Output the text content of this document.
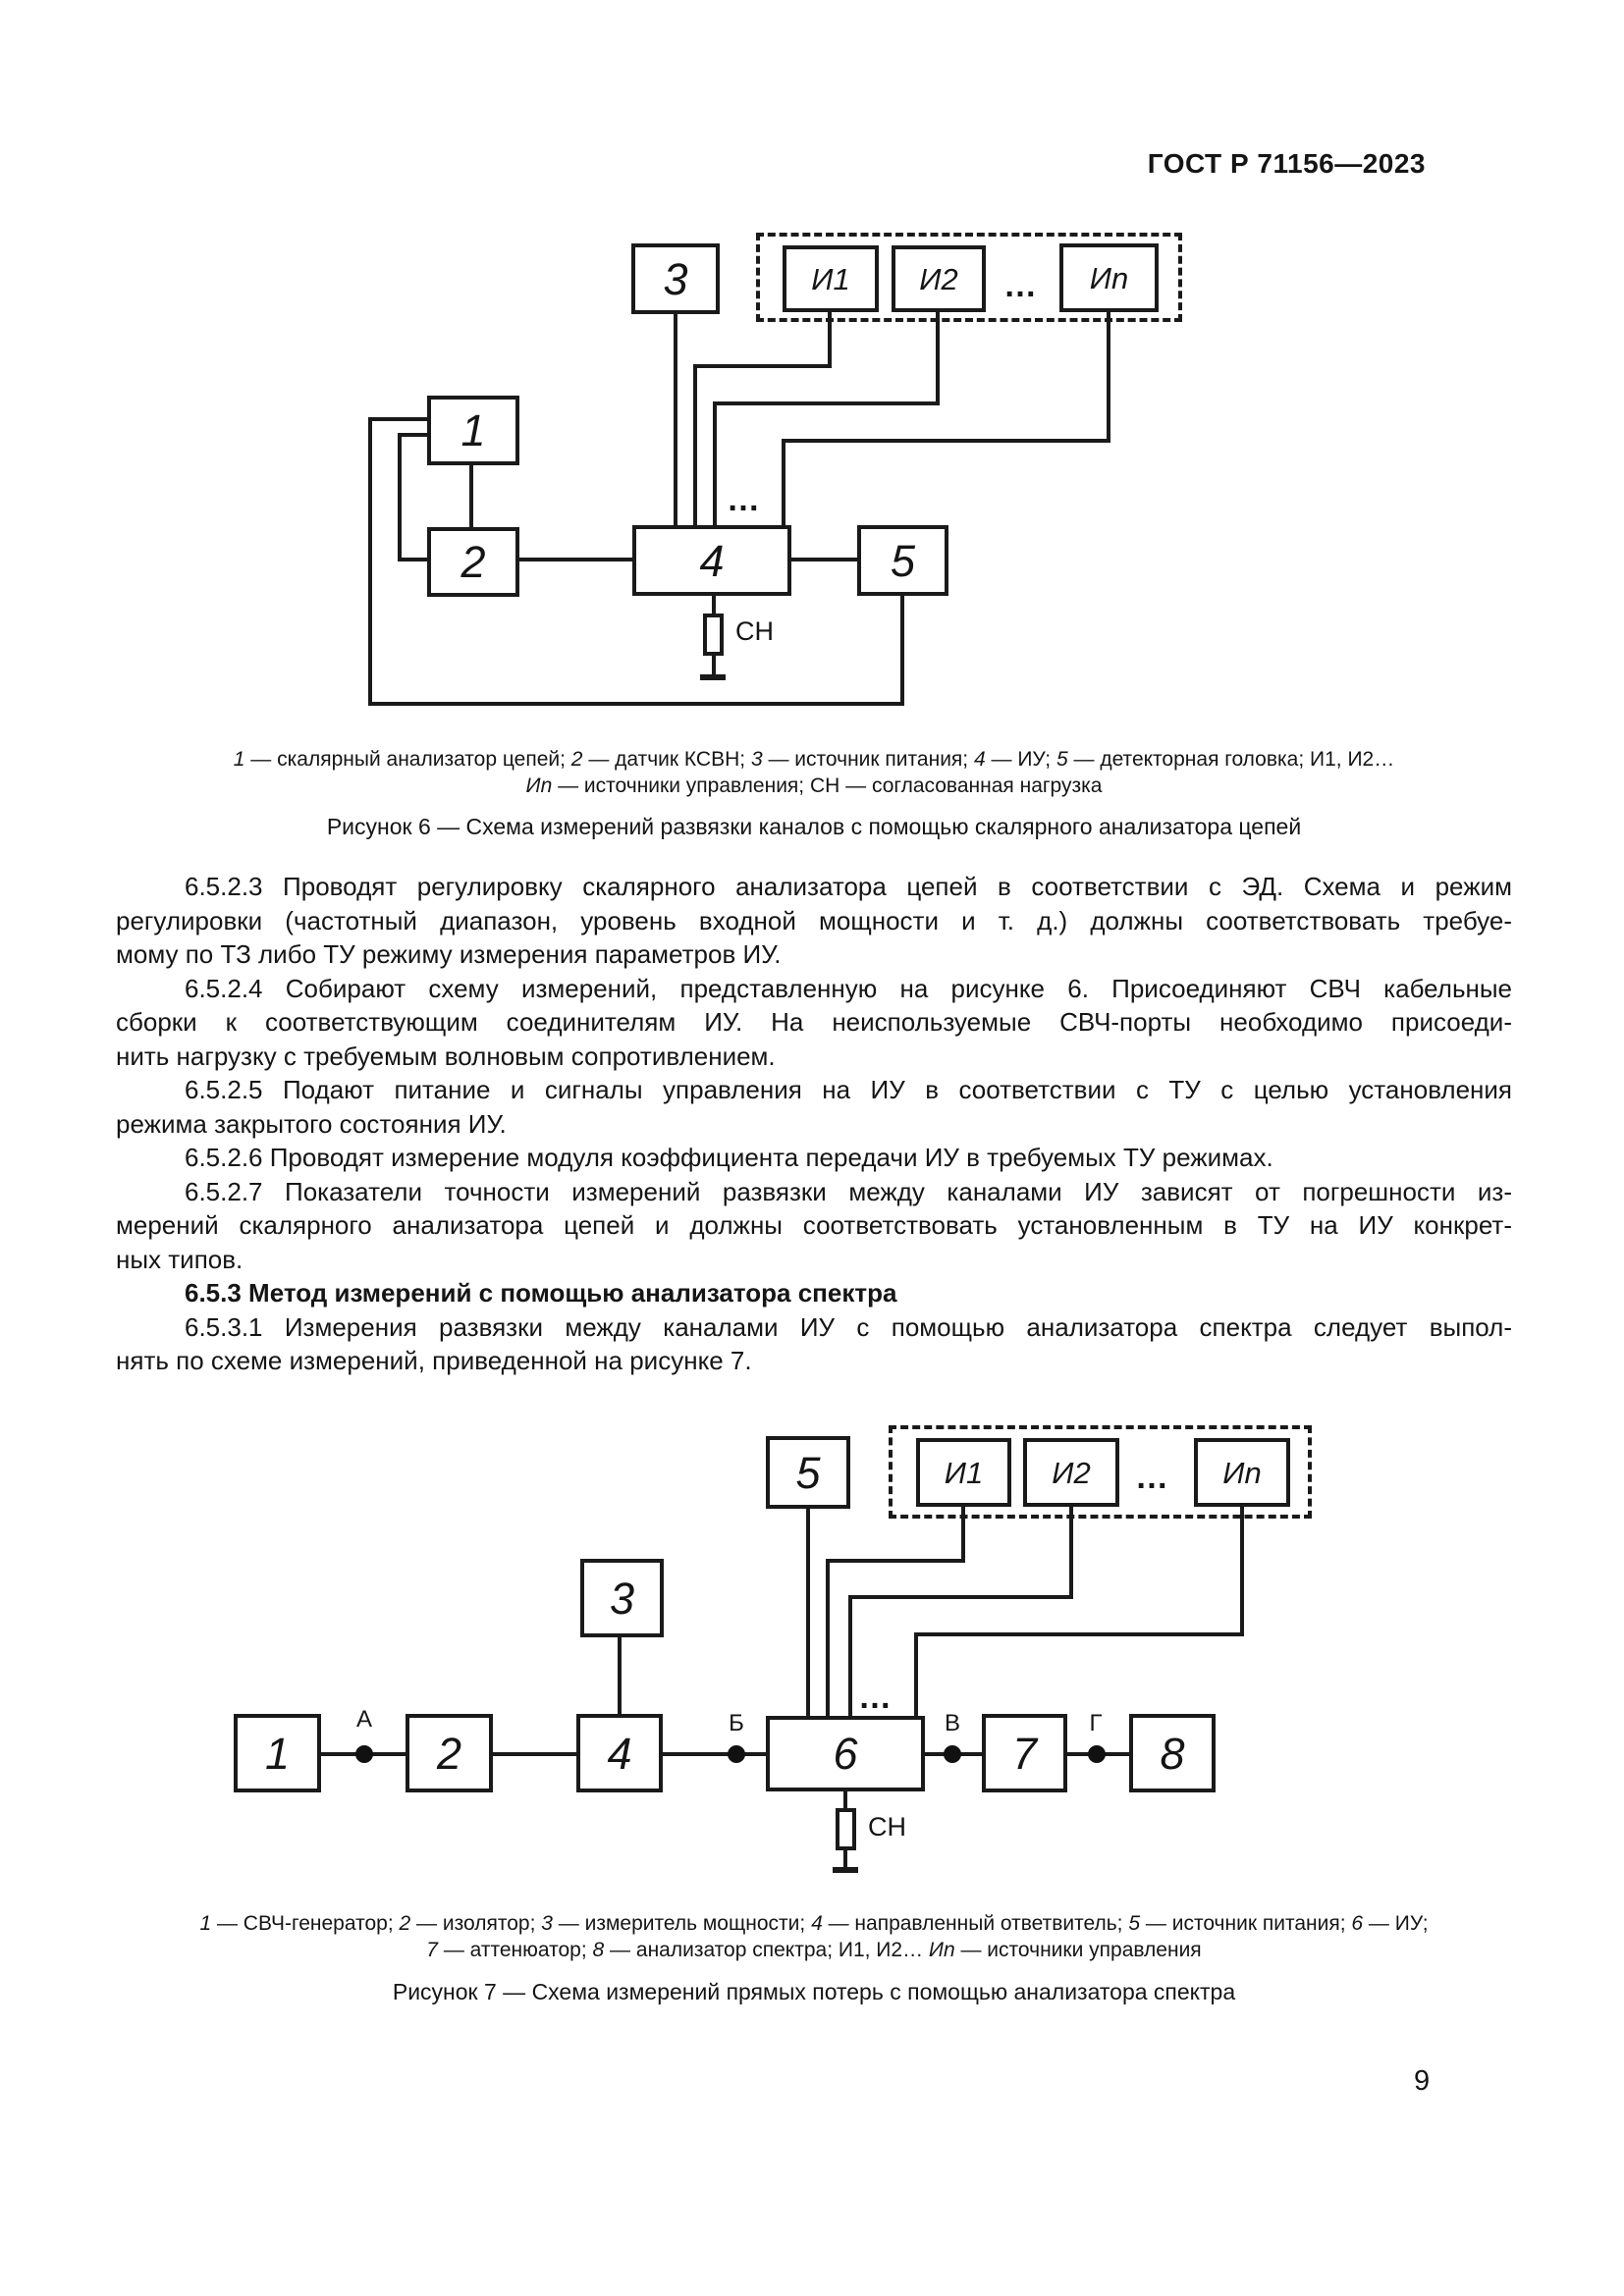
ГОСТ Р 71156—2023
1
2
3
4	5
И1 И2	Иn
…
…
СН
1 — скалярный анализатор цепей; 2 — датчик КСВН; 3 — источник питания; 4 — ИУ; 5 — детекторная головка; И1, И2…
Иn — источники управления; СН — согласованная нагрузка
Рисунок 6 — Схема измерений развязки каналов с помощью скалярного анализатора цепей
6.5.2.3 Проводят регулировку скалярного анализатора цепей в соответствии с ЭД. Схема и режим
регулировки (частотный диапазон, уровень входной мощности и т. д.) должны соответствовать требуе-
мому по ТЗ либо ТУ режиму измерения параметров ИУ.
6.5.2.4 Собирают схему измерений, представленную на рисунке 6. Присоединяют СВЧ кабельные
сборки к соответствующим соединителям ИУ. На неиспользуемые СВЧ-порты необходимо присоеди-
нить нагрузку с требуемым волновым сопротивлением.
6.5.2.5 Подают питание и сигналы управления на ИУ в соответствии с ТУ с целью установления
режима закрытого состояния ИУ.
6.5.2.6 Проводят измерение модуля коэффициента передачи ИУ в требуемых ТУ режимах.
6.5.2.7 Показатели точности измерений развязки между каналами ИУ зависят от погрешности из-
мерений скалярного анализатора цепей и должны соответствовать установленным в ТУ на ИУ конкрет-
ных типов.
6.5.3 Метод измерений с помощью анализатора спектра
6.5.3.1 Измерения развязки между каналами ИУ с помощью анализатора спектра следует выпол-
нять по схеме измерений, приведенной на рисунке 7.
5	И1 И2	Иn
…
3
1	2	4	6	7	8
…
А	Б	В	Г
СН
1 — СВЧ-генератор; 2 — изолятор; 3 — измеритель мощности; 4 — направленный ответвитель; 5 — источник питания; 6 — ИУ;
7 — аттенюатор; 8 — анализатор спектра; И1, И2… Иn — источники управления
Рисунок 7 — Схема измерений прямых потерь с помощью анализатора спектра
9
